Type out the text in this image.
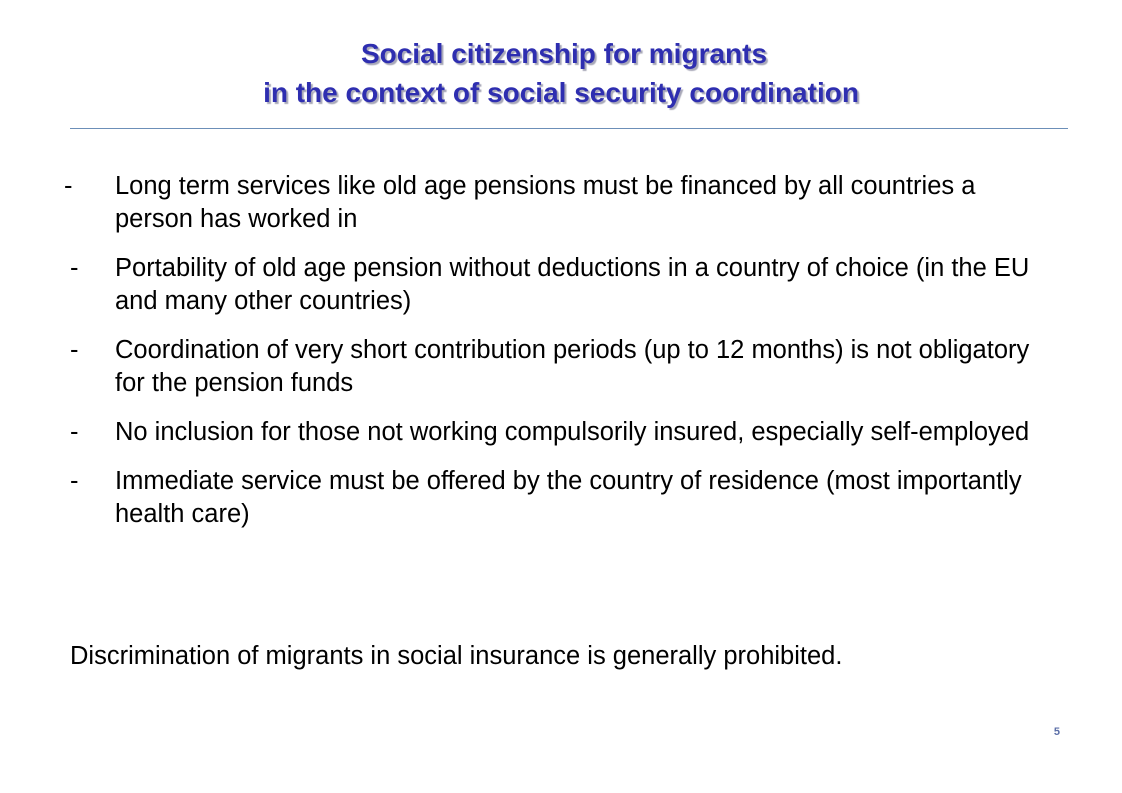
Social citizenship for migrants
in the context of social security coordination
-	Long term services like old age pensions must be financed by all countries a person has worked in
-	Portability of old age pension without deductions in a country of choice (in the EU and many other countries)
-	Coordination of very short contribution periods (up to 12 months) is not obligatory for the pension funds
-	No inclusion for those not working compulsorily insured, especially self-employed
-	Immediate service must be offered by the country of residence (most importantly health care)
Discrimination of migrants in social insurance is generally prohibited.
5
